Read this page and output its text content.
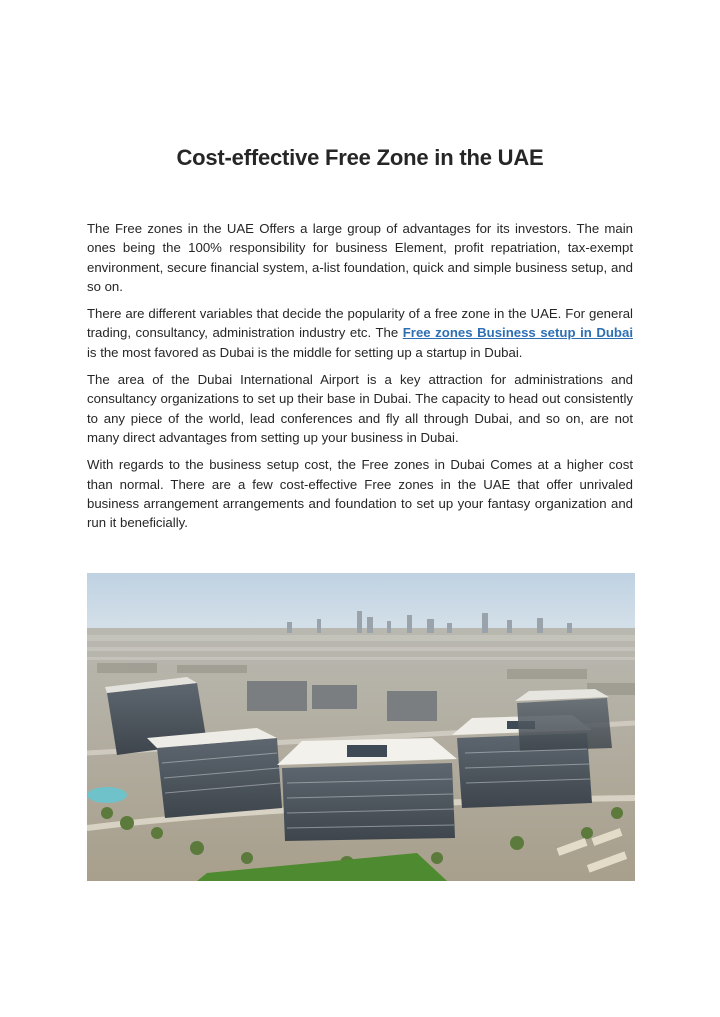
Cost-effective Free Zone in the UAE

The Free zones in the UAE Offers a large group of advantages for its investors. The main ones being the 100% responsibility for business Element, profit repatriation, tax-exempt environment, secure financial system, a-list foundation, quick and simple business setup, and so on.

There are different variables that decide the popularity of a free zone in the UAE. For general trading, consultancy, administration industry etc. The Free zones Business setup in Dubai is the most favored as Dubai is the middle for setting up a startup in Dubai.

The area of the Dubai International Airport is a key attraction for administrations and consultancy organizations to set up their base in Dubai. The capacity to head out consistently to any piece of the world, lead conferences and fly all through Dubai, and so on, are not many direct advantages from setting up your business in Dubai.

With regards to the business setup cost, the Free zones in Dubai Comes at a higher cost than normal. There are a few cost-effective Free zones in the UAE that offer unrivaled business arrangement arrangements and foundation to set up your fantasy organization and run it beneficially.
